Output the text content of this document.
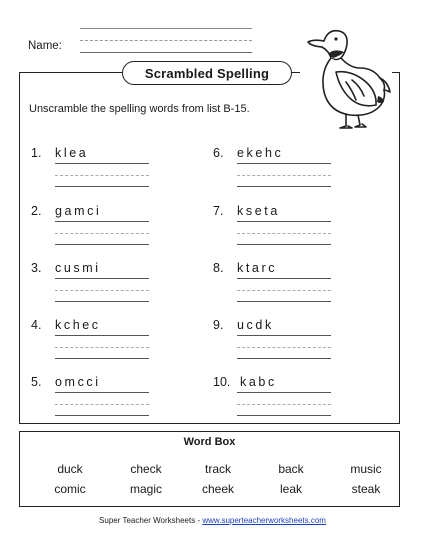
Name:
Scrambled Spelling
Unscramble the spelling words from list B-15.
1. klea
2. gamci
3. cusmi
4. kchec
5. omcci
6. ekehc
7. kseta
8. ktarc
9. ucdk
10. kabc
Word Box
duck	check	track	back	music
comic	magic	cheek	leak	steak
Super Teacher Worksheets - www.superteacherworksheets.com
